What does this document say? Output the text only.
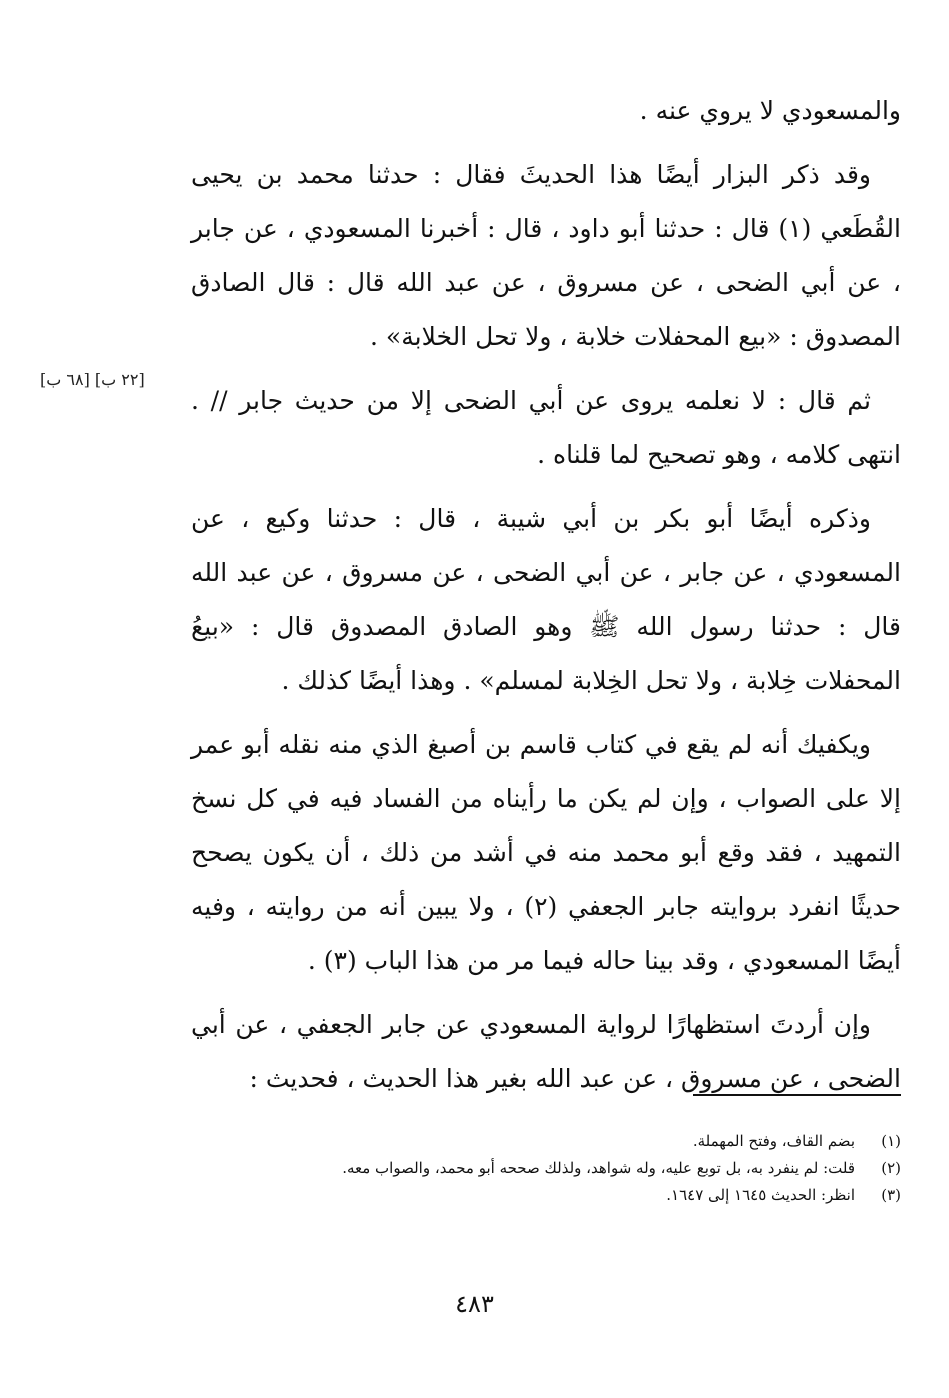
والمسعودي لا يروي عنه .

وقد ذكر البزار أيضًا هذا الحديثَ فقال : حدثنا محمد بن يحيى القُطَعي (١) قال : حدثنا أبو داود ، قال : أخبرنا المسعودي ، عن جابر ، عن أبي الضحى ، عن مسروق ، عن عبد الله قال : قال الصادق المصدوق : «بيع المحفلات خلابة ، ولا تحل الخلابة» .

ثم قال : لا نعلمه يروى عن أبي الضحى إلا من حديث جابر // . انتهى كلامه ، وهو تصحيح لما قلناه .

وذكره أيضًا أبو بكر بن أبي شيبة ، قال : حدثنا وكيع ، عن المسعودي ، عن جابر ، عن أبي الضحى ، عن مسروق ، عن عبد الله قال : حدثنا رسول الله ﷺ وهو الصادق المصدوق قال : «بيعُ المحفلات خِلابة ، ولا تحل الخِلابة لمسلم» . وهذا أيضًا كذلك .

ويكفيك أنه لم يقع في كتاب قاسم بن أصبغ الذي منه نقله أبو عمر إلا على الصواب ، وإن لم يكن ما رأيناه من الفساد فيه في كل نسخ التمهيد ، فقد وقع أبو محمد منه في أشد من ذلك ، أن يكون يصحح حديثًا انفرد بروايته جابر الجعفي (٢) ، ولا يبين أنه من روايته ، وفيه أيضًا المسعودي ، وقد بينا حاله فيما مر من هذا الباب (٣) .

وإن أردتَ استظهارًا لرواية المسعودي عن جابر الجعفي ، عن أبي الضحى ، عن مسروق ، عن عبد الله بغير هذا الحديث ، فحديث :

[٢٢ ب] [٦٨ ب]
(١)
بضم القاف، وفتح المهملة.
(٢)
قلت: لم ينفرد به، بل توبع عليه، وله شواهد، ولذلك صححه أبو محمد، والصواب معه.
(٣)
انظر: الحديث ١٦٤٥ إلى ١٦٤٧.
٤٨٣
